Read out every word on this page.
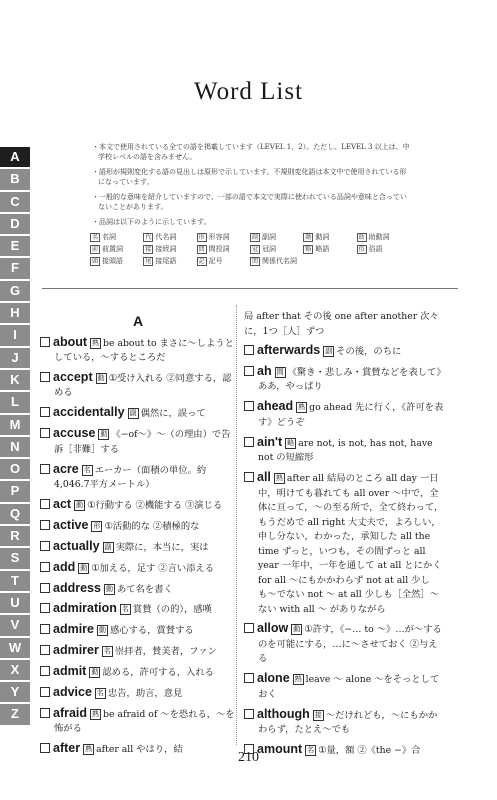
Word List
A
B
C
D
E
F
G
H
I
J
K
L
M
N
O
P
Q
R
S
T
U
V
W
X
Y
Z
・本文で使用されている全ての語を掲載しています（LEVEL 1，2）。ただし、LEVEL 3 以上は、中学校レベルの語を含みません。
・語形が規則変化する語の見出しは原形で示しています。不規則変化語は本文中で使用されている形になっています。
・一般的な意味を紹介していますので、一部の語で本文で実際に使われている品詞や意味と合っていないことがあります。
・品詞は以下のように示しています。
名 名詞	代 代名詞	形 形容詞	副 副詞	動 動詞	助 助動詞
前 前置詞	接 接続詞	間 間投詞	冠 冠詞	略 略語	俗 俗語
頭 接頭語	尾 接尾語	記 記号	関 関係代名詞
A
about 熟 be about to まさに〜しようとしている，〜するところだ
accept 動 ①受け入れる ②同意する，認める
accidentally 副 偶然に，誤って
accuse 動 《−of〜》〜（の理由）で告訴［非難］する
acre 名 エーカー（面積の単位。約4,046.7平方メートル）
act 動 ①行動する ②機能する ③演じる
active 形 ①活動的な ②積極的な
actually 副 実際に，本当に，実は
add 動 ①加える，足す ②言い添える
address 動 あて名を書く
admiration 名 賞賛（の的），感嘆
admire 動 感心する，賞賛する
admirer 名 崇拝者，賛美者，ファン
admit 動 認める，許可する，入れる
advice 名 忠告，助言，意見
afraid 熟 be afraid of 〜を恐れる，〜を怖がる
after 熟 after all やはり，結
局 after that その後 one after another 次々に，1つ［人］ずつ
afterwards 副 その後，のちに
ah 間 《驚き・悲しみ・賞賛などを表して》ああ，やっぱり
ahead 熟 go ahead 先に行く，《許可を表す》どうぞ
ain't 略 are not, is not, has not, have not の短縮形
all 熟 after all 結局のところ all day 一日中，明けても暮れても all over 〜中で，全体に亘って，〜の至る所で，全て終わって，もうだめで all right 大丈夫で，よろしい，申し分ない，わかった，承知した all the time ずっと，いつも，その間ずっと all year 一年中，一年を通して at all とにかく for all 〜にもかかわらず not at all 少しも〜でない not 〜 at all 少しも［全然］〜ない with all 〜 がありながら
allow 動 ①許す，《−… to 〜》…が〜するのを可能にする，…に〜させておく ②与える
alone 熟 leave 〜 alone 〜をそっとしておく
although 接 〜だけれども，〜にもかかわらず，たとえ〜でも
amount 名 ①量，額 ②《the −》合
210
